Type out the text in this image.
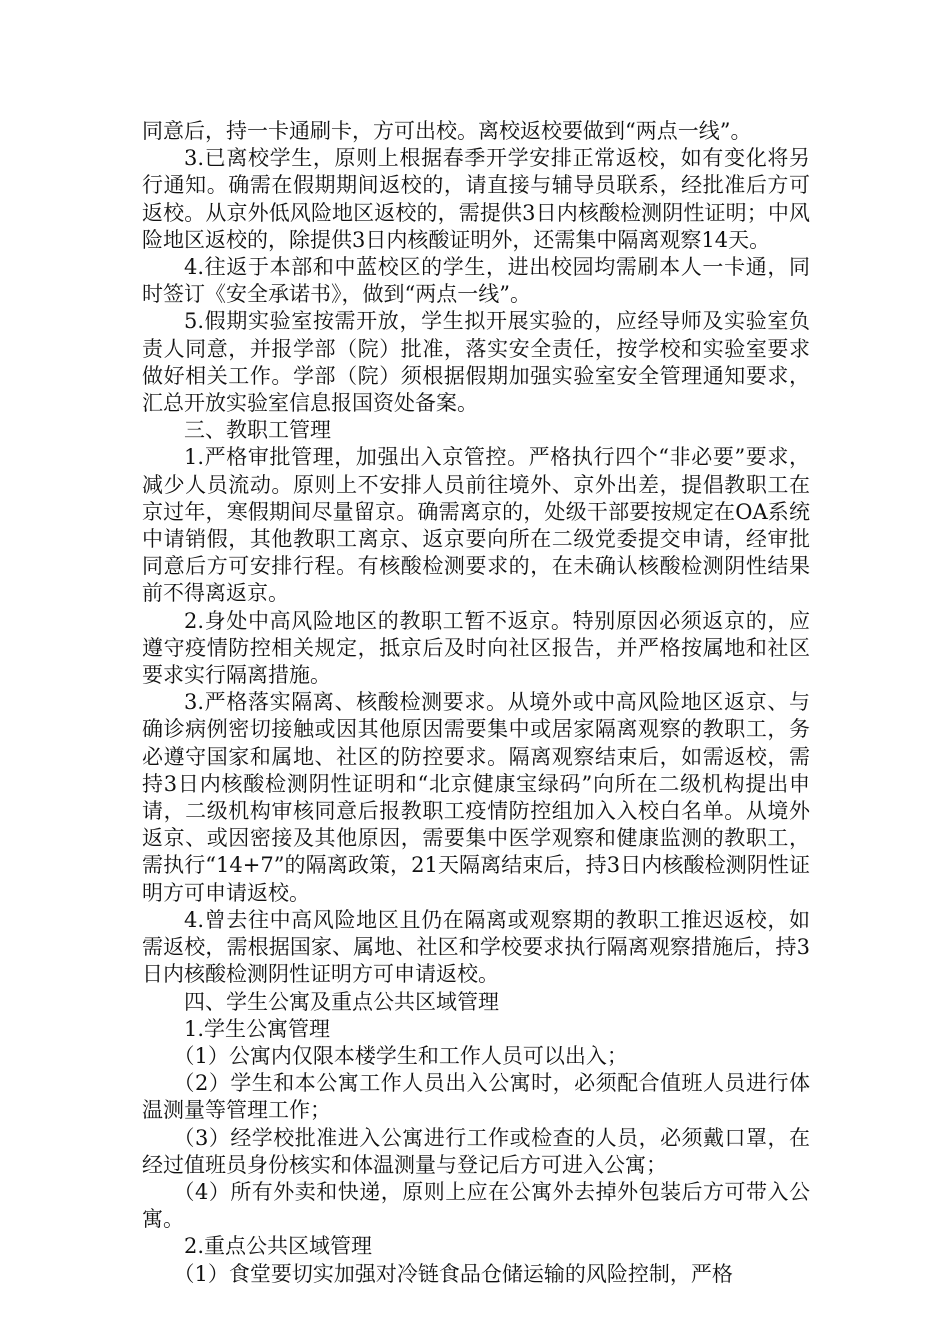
同意后，持一卡通刷卡，方可出校。离校返校要做到“两点一线”。

3.已离校学生，原则上根据春季开学安排正常返校，如有变化将另行通知。确需在假期期间返校的，请直接与辅导员联系，经批准后方可返校。从京外低风险地区返校的，需提供3日内核酸检测阴性证明；中风险地区返校的，除提供3日内核酸证明外，还需集中隔离观察14天。

4.往返于本部和中蓝校区的学生，进出校园均需刷本人一卡通，同时签订《安全承诺书》，做到“两点一线”。

5.假期实验室按需开放，学生拟开展实验的，应经导师及实验室负责人同意，并报学部（院）批准，落实安全责任，按学校和实验室要求做好相关工作。学部（院）须根据假期加强实验室安全管理通知要求，汇总开放实验室信息报国资处备案。

三、教职工管理

1.严格审批管理，加强出入京管控。严格执行四个“非必要”要求，减少人员流动。原则上不安排人员前往境外、京外出差，提倡教职工在京过年，寒假期间尽量留京。确需离京的，处级干部要按规定在OA系统中请销假，其他教职工离京、返京要向所在二级党委提交申请，经审批同意后方可安排行程。有核酸检测要求的，在未确认核酸检测阴性结果前不得离返京。

2.身处中高风险地区的教职工暂不返京。特别原因必须返京的，应遵守疫情防控相关规定，抵京后及时向社区报告，并严格按属地和社区要求实行隔离措施。

3.严格落实隔离、核酸检测要求。从境外或中高风险地区返京、与确诊病例密切接触或因其他原因需要集中或居家隔离观察的教职工，务必遵守国家和属地、社区的防控要求。隔离观察结束后，如需返校，需持3日内核酸检测阴性证明和“北京健康宝绿码”向所在二级机构提出申请，二级机构审核同意后报教职工疫情防控组加入入校白名单。从境外返京、或因密接及其他原因，需要集中医学观察和健康监测的教职工，需执行“14+7”的隔离政策，21天隔离结束后，持3日内核酸检测阴性证明方可申请返校。

4.曾去往中高风险地区且仍在隔离或观察期的教职工推迟返校，如需返校，需根据国家、属地、社区和学校要求执行隔离观察措施后，持3日内核酸检测阴性证明方可申请返校。

四、学生公寓及重点公共区域管理

1.学生公寓管理

（1）公寓内仅限本楼学生和工作人员可以出入；

（2）学生和本公寓工作人员出入公寓时，必须配合值班人员进行体温测量等管理工作；

（3）经学校批准进入公寓进行工作或检查的人员，必须戴口罩，在经过值班员身份核实和体温测量与登记后方可进入公寓；

（4）所有外卖和快递，原则上应在公寓外去掉外包装后方可带入公寓。

2.重点公共区域管理

（1）食堂要切实加强对冷链食品仓储运输的风险控制，严格
